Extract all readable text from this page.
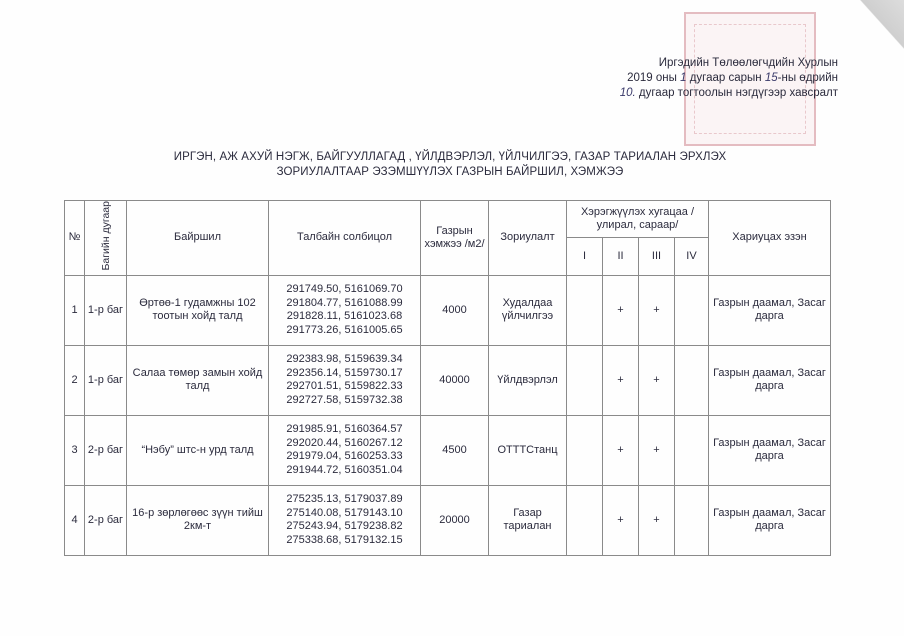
Иргэдийн Төлөөлөгчдийн Хурлын
2019 оны 1 дугаар сарын 15-ны өдрийн
10. дугаар тогтоолын нэгдүгээр хавсралт
ИРГЭН, АЖ АХУЙ НЭГЖ, БАЙГУУЛЛАГАД , ҮЙЛДВЭРЛЭЛ, ҮЙЛЧИЛГЭЭ, ГАЗАР ТАРИАЛАН ЭРХЛЭХ
ЗОРИУЛАЛТААР ЭЗЭМШҮҮЛЭХ ГАЗРЫН БАЙРШИЛ, ХЭМЖЭЭ
№	Багийн дугаар	Байршил	Талбайн солбицол	Газрын хэмжээ /м2/	Зориулалт	Хэрэгжүүлэх хугацаа /улирал, сараар/				Хариуцах эзэн
						I	II	III	IV	
1	1-р баг	Өртөө-1 гудамжны 102 тоотын хойд талд	291749.50, 5161069.70
291804.77, 5161088.99
291828.11, 5161023.68
291773.26, 5161005.65	4000	Худалдаа үйлчилгээ		+	+		Газрын даамал, Засаг дарга
2	1-р баг	Салаа төмөр замын хойд талд	292383.98, 5159639.34
292356.14, 5159730.17
292701.51, 5159822.33
292727.58, 5159732.38	40000	Үйлдвэрлэл		+	+		Газрын даамал, Засаг дарга
3	2-р баг	“Нэбу” штс-н урд талд	291985.91, 5160364.57
292020.44, 5160267.12
291979.04, 5160253.33
291944.72, 5160351.04	4500	ОТТТСтанц		+	+		Газрын даамал, Засаг дарга
4	2-р баг	16-р зөрлөгөөс зүүн тийш 2км-т	275235.13, 5179037.89
275140.08, 5179143.10
275243.94, 5179238.82
275338.68, 5179132.15	20000	Газар тариалан		+	+		Газрын даамал, Засаг дарга
